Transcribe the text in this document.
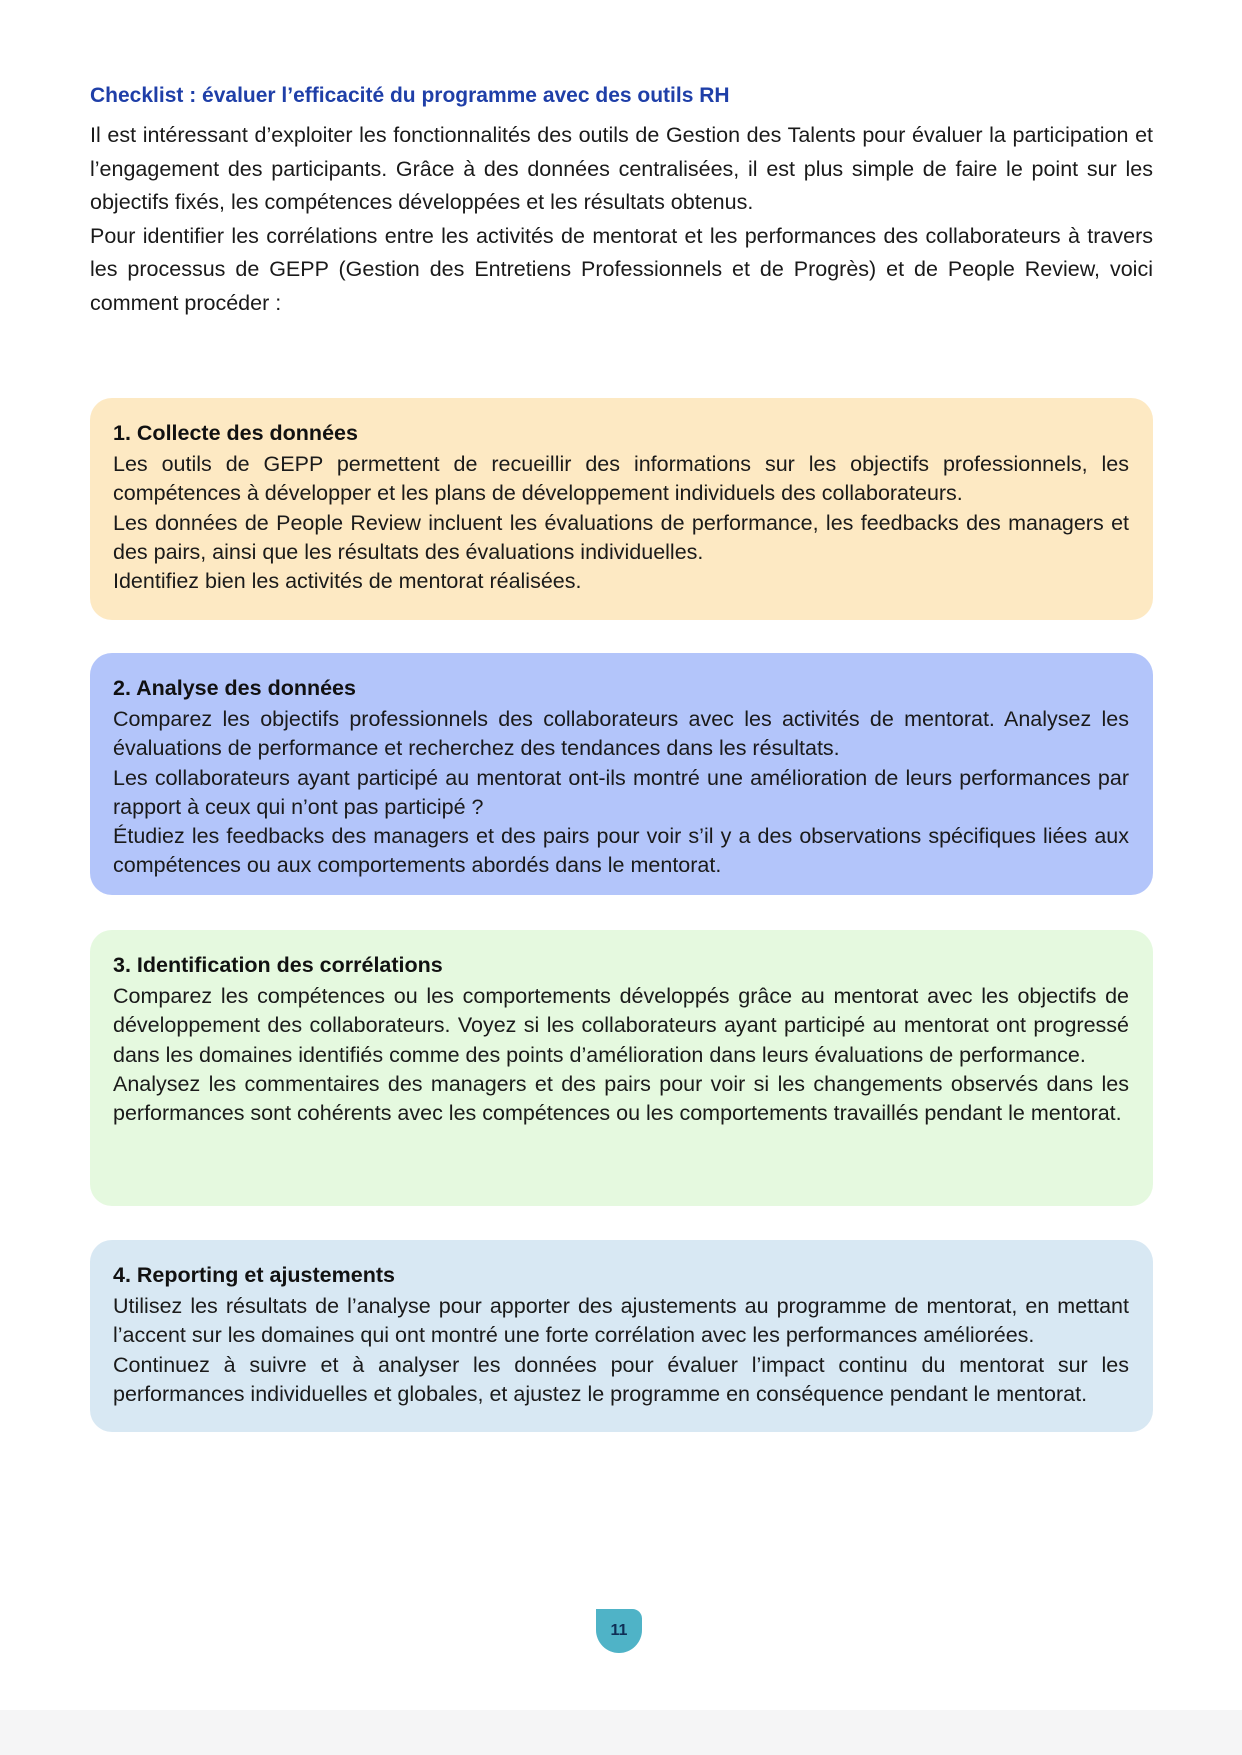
Checklist : évaluer l’efficacité du programme avec des outils RH

Il est intéressant d’exploiter les fonctionnalités des outils de Gestion des Talents pour évaluer la participation et l’engagement des participants. Grâce à des données centralisées, il est plus simple de faire le point sur les objectifs fixés, les compétences développées et les résultats obtenus.

Pour identifier les corrélations entre les activités de mentorat et les performances des collaborateurs à travers les processus de GEPP (Gestion des Entretiens Professionnels et de Progrès) et de People Review, voici comment procéder :

1. Collecte des données

Les outils de GEPP permettent de recueillir des informations sur les objectifs professionnels, les compétences à développer et les plans de développement individuels des collaborateurs.

Les données de People Review incluent les évaluations de performance, les feedbacks des managers et des pairs, ainsi que les résultats des évaluations individuelles.

Identifiez bien les activités de mentorat réalisées.

2. Analyse des données

Comparez les objectifs professionnels des collaborateurs avec les activités de mentorat. Analysez les évaluations de performance et recherchez des tendances dans les résultats.

Les collaborateurs ayant participé au mentorat ont-ils montré une amélioration de leurs performances par rapport à ceux qui n’ont pas participé ?

Étudiez les feedbacks des managers et des pairs pour voir s’il y a des observations spécifiques liées aux compétences ou aux comportements abordés dans le mentorat.

3. Identification des corrélations

Comparez les compétences ou les comportements développés grâce au mentorat avec les objectifs de développement des collaborateurs. Voyez si les collaborateurs ayant participé au mentorat ont progressé dans les domaines identifiés comme des points d’amélioration dans leurs évaluations de performance.

Analysez les commentaires des managers et des pairs pour voir si les changements observés dans les performances sont cohérents avec les compétences ou les comportements travaillés pendant le mentorat.

4. Reporting et ajustements

Utilisez les résultats de l’analyse pour apporter des ajustements au programme de mentorat, en mettant l’accent sur les domaines qui ont montré une forte corrélation avec les performances améliorées.

Continuez à suivre et à analyser les données pour évaluer l’impact continu du mentorat sur les performances individuelles et globales, et ajustez le programme en conséquence pendant le mentorat.

11
